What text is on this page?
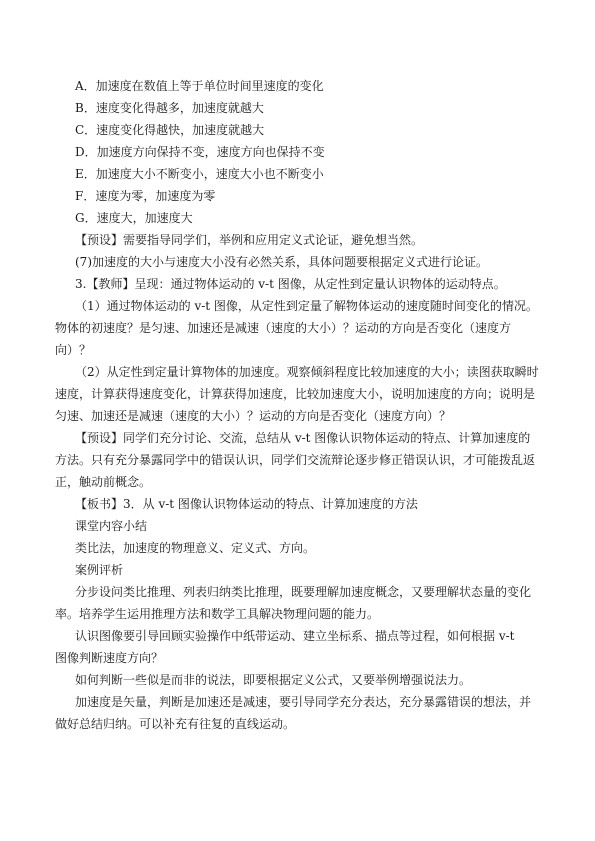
A．加速度在数值上等于单位时间里速度的变化
B．速度变化得越多，加速度就越大
C．速度变化得越快，加速度就越大
D．加速度方向保持不变，速度方向也保持不变
E．加速度大小不断变小，速度大小也不断变小
F．速度为零，加速度为零
G．速度大，加速度大
【预设】需要指导同学们，举例和应用定义式论证，避免想当然。
(7)加速度的大小与速度大小没有必然关系，具体问题要根据定义式进行论证。
3.【教师】呈现：通过物体运动的 v-t 图像，从定性到定量认识物体的运动特点。
（1）通过物体运动的 v-t 图像，从定性到定量了解物体运动的速度随时间变化的情况。
物体的初速度？是匀速、加速还是减速（速度的大小）？运动的方向是否变化（速度方
向）？
（2）从定性到定量计算物体的加速度。观察倾斜程度比较加速度的大小；读图获取瞬时
速度，计算获得速度变化，计算获得加速度，比较加速度大小，说明加速度的方向；说明是
匀速、加速还是减速（速度的大小）？运动的方向是否变化（速度方向）？
【预设】同学们充分讨论、交流，总结从 v-t 图像认识物体运动的特点、计算加速度的
方法。只有充分暴露同学中的错误认识，同学们交流辩论逐步修正错误认识，才可能拨乱返
正，触动前概念。
【板书】3．从 v-t 图像认识物体运动的特点、计算加速度的方法
课堂内容小结
类比法，加速度的物理意义、定义式、方向。
案例评析
分步设问类比推理、列表归纳类比推理，既要理解加速度概念，又要理解状态量的变化
率。培养学生运用推理方法和数学工具解决物理问题的能力。
认识图像要引导回顾实验操作中纸带运动、建立坐标系、描点等过程，如何根据 v-t
图像判断速度方向？
如何判断一些似是而非的说法，即要根据定义公式，又要举例增强说法力。
加速度是矢量，判断是加速还是减速，要引导同学充分表达，充分暴露错误的想法，并
做好总结归纳。可以补充有往复的直线运动。
